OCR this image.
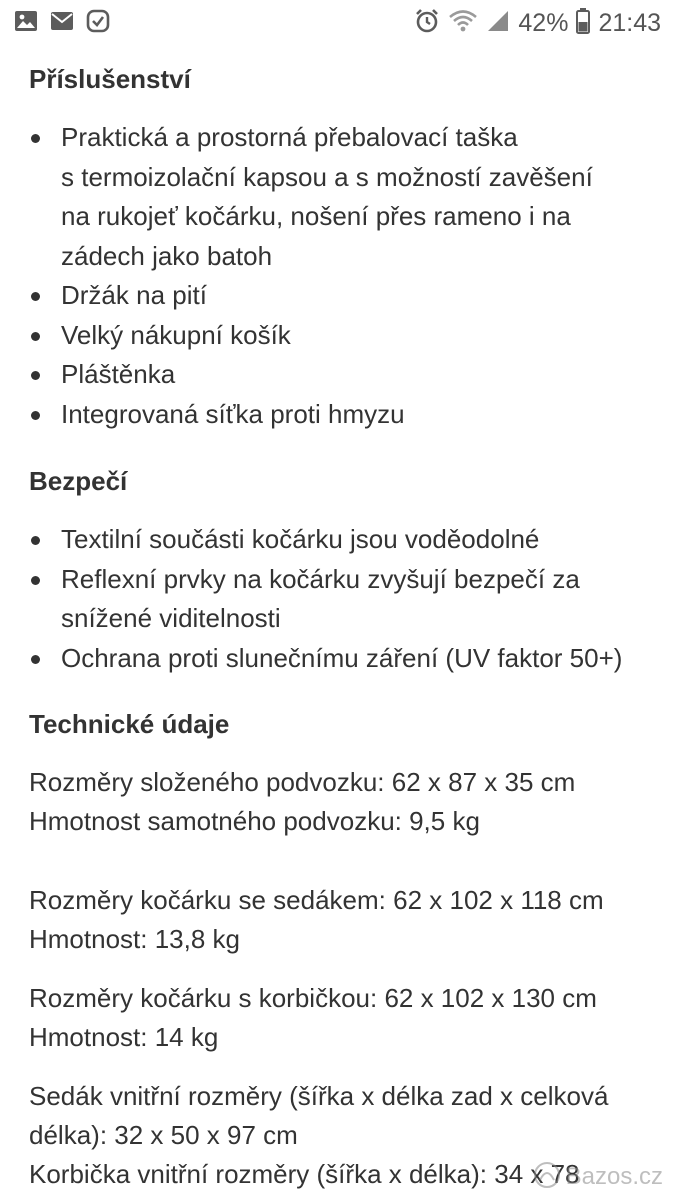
42% 21:43
Příslušenství
Praktická a prostorná přebalovací taška
s termoizolační kapsou a s možností zavěšení
na rukojeť kočárku, nošení přes rameno i na
zádech jako batoh
Držák na pití
Velký nákupní košík
Pláštěnka
Integrovaná síťka proti hmyzu
Bezpečí
Textilní součásti kočárku jsou voděodolné
Reflexní prvky na kočárku zvyšují bezpečí za
snížené viditelnosti
Ochrana proti slunečnímu záření (UV faktor 50+)
Technické údaje
Rozměry složeného podvozku: 62 x 87 x 35 cm
Hmotnost samotného podvozku: 9,5 kg
Rozměry kočárku se sedákem: 62 x 102 x 118 cm
Hmotnost: 13,8 kg
Rozměry kočárku s korbičkou: 62 x 102 x 130 cm
Hmotnost: 14 kg
Sedák vnitřní rozměry (šířka x délka zad x celková
délka): 32 x 50 x 97 cm
Korbička vnitřní rozměry (šířka x délka): 34 x 78
Bazos.cz
